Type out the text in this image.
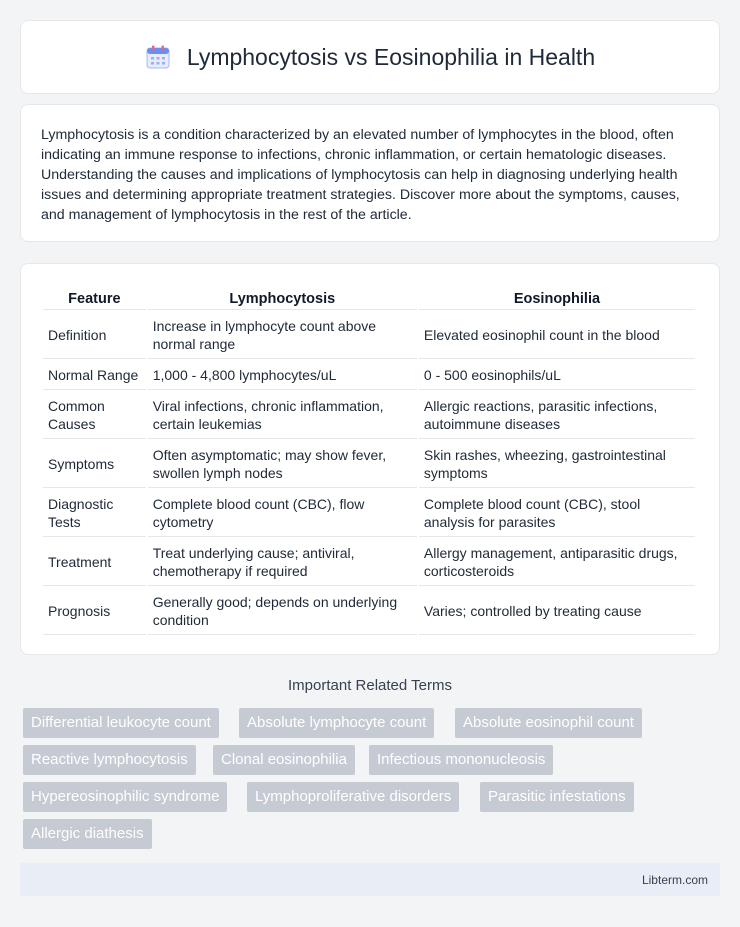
Lymphocytosis vs Eosinophilia in Health

Lymphocytosis is a condition characterized by an elevated number of lymphocytes in the blood, often indicating an immune response to infections, chronic inflammation, or certain hematologic diseases. Understanding the causes and implications of lymphocytosis can help in diagnosing underlying health issues and determining appropriate treatment strategies. Discover more about the symptoms, causes, and management of lymphocytosis in the rest of the article.

Feature	Lymphocytosis	Eosinophilia
Definition	Increase in lymphocyte count above normal range	Elevated eosinophil count in the blood
Normal Range	1,000 - 4,800 lymphocytes/uL	0 - 500 eosinophils/uL
Common Causes	Viral infections, chronic inflammation, certain leukemias	Allergic reactions, parasitic infections, autoimmune diseases
Symptoms	Often asymptomatic; may show fever, swollen lymph nodes	Skin rashes, wheezing, gastrointestinal symptoms
Diagnostic Tests	Complete blood count (CBC), flow cytometry	Complete blood count (CBC), stool analysis for parasites
Treatment	Treat underlying cause; antiviral, chemotherapy if required	Allergy management, antiparasitic drugs, corticosteroids
Prognosis	Generally good; depends on underlying condition	Varies; controlled by treating cause
Important Related Terms
Differential leukocyte count	Absolute lymphocyte count	Absolute eosinophil count
Reactive lymphocytosis	Clonal eosinophilia	Infectious mononucleosis
Hypereosinophilic syndrome	Lymphoproliferative disorders	Parasitic infestations
Allergic diathesis
Libterm.com
